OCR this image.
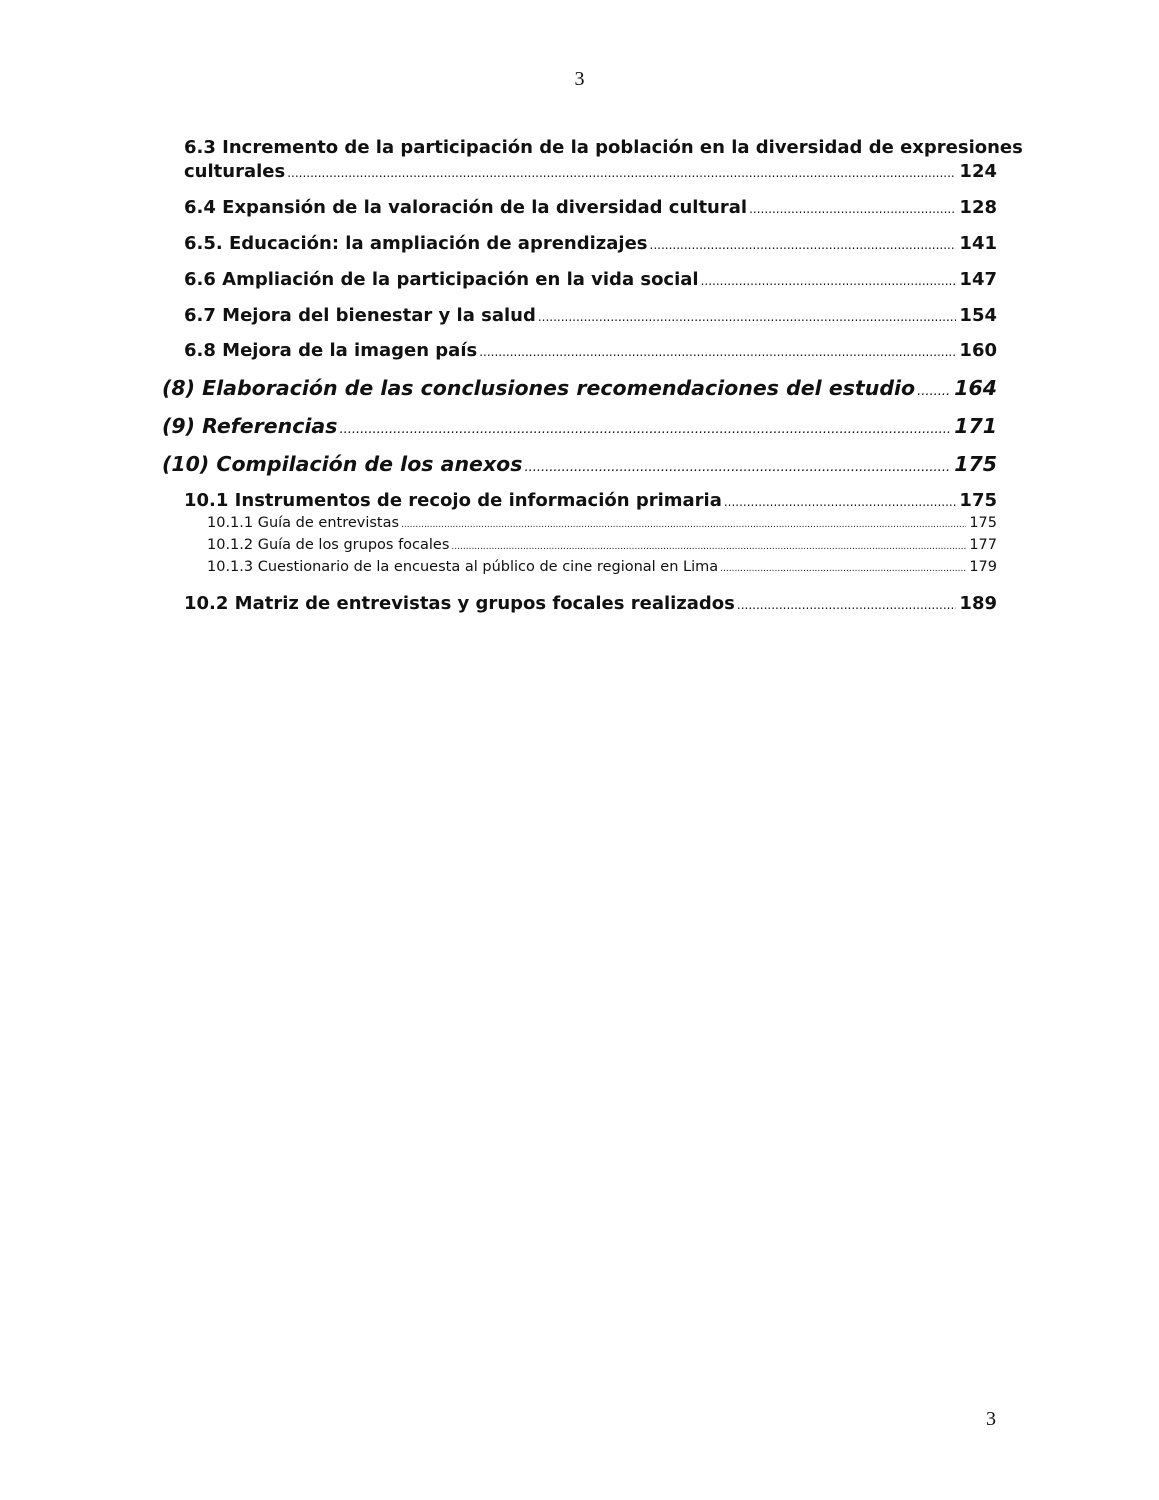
3
6.3 Incremento de la participación de la población en la diversidad de expresiones
culturales .....	124
6.4 Expansión de la valoración de la diversidad cultural .....	128
6.5. Educación: la ampliación de aprendizajes .....	141
6.6 Ampliación de la participación en la vida social .....	147
6.7 Mejora del bienestar y la salud .....	154
6.8 Mejora de la imagen país .....	160
(8) Elaboración de las conclusiones recomendaciones del estudio ..... 164
(9) Referencias .....	171
(10) Compilación de los anexos .....	175
10.1 Instrumentos de recojo de información primaria .....	175
10.1.1 Guía de entrevistas .....	175
10.1.2 Guía de los grupos focales .....	177
10.1.3 Cuestionario de la encuesta al público de cine regional en Lima .....	179
10.2 Matriz de entrevistas y grupos focales realizados .....	189
3
